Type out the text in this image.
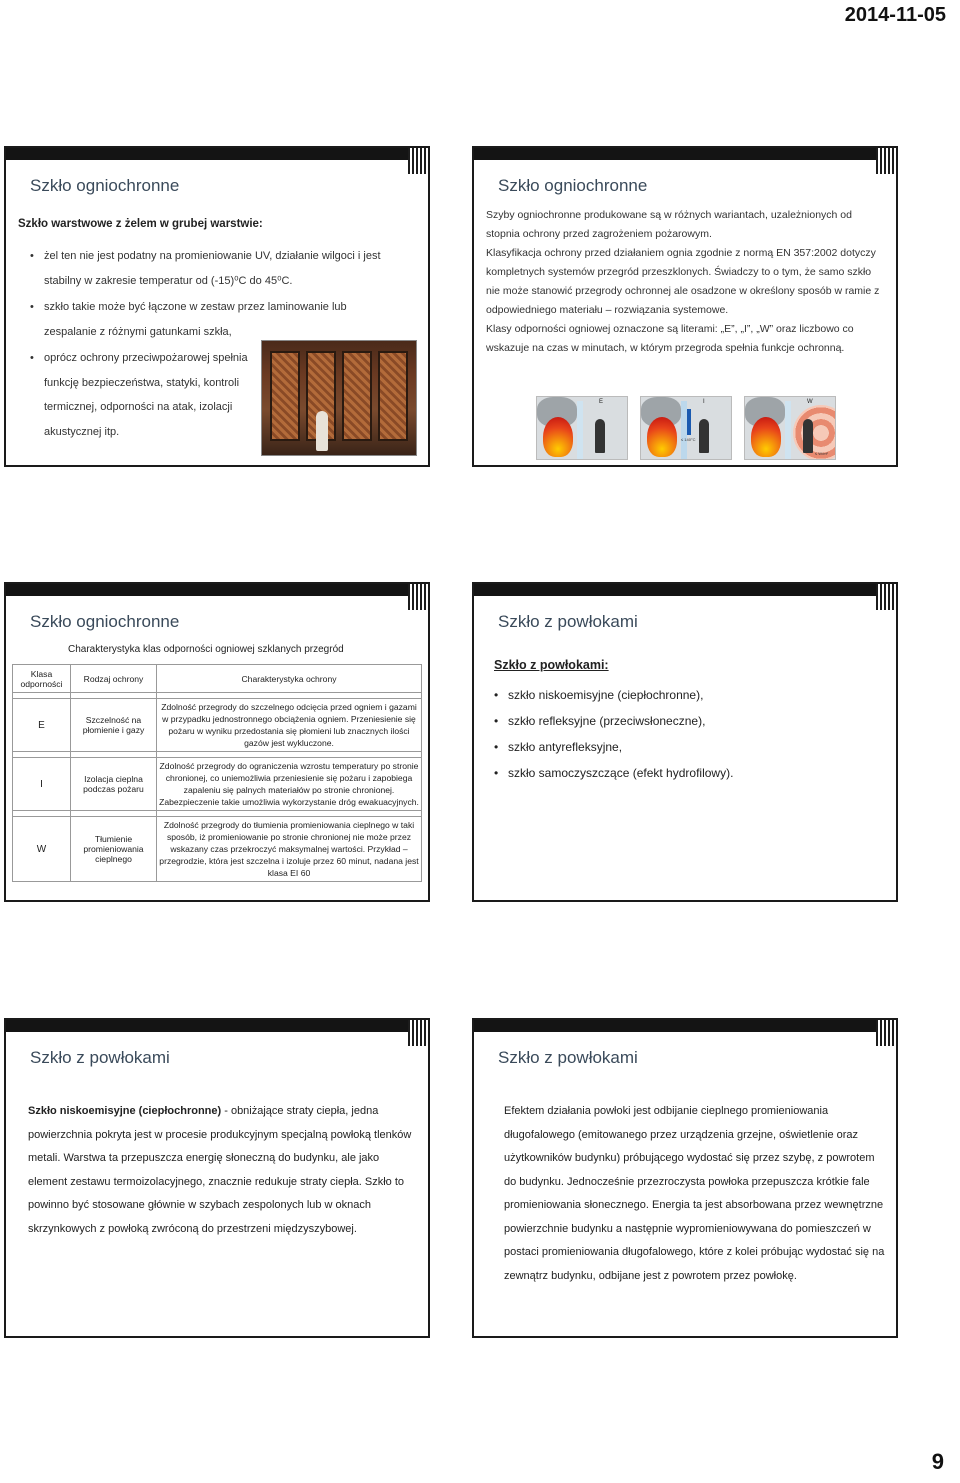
2014-11-05
Szkło ogniochronne
Szkło warstwowe z żelem w grubej warstwie:
• żel ten nie jest podatny na promieniowanie UV, działanie wilgoci i jest stabilny w zakresie temperatur od (-15)⁰C do 45⁰C.
• szkło takie może być łączone w zestaw przez laminowanie lub zespalanie z różnymi gatunkami szkła,
• oprócz ochrony przeciwpożarowej spełnia funkcję bezpieczeństwa, statyki, kontroli termicznej, odporności na atak, izolacji akustycznej itp.
Szkło ogniochronne

Szyby ogniochronne produkowane są w różnych wariantach, uzależnionych od stopnia ochrony przed zagrożeniem pożarowym.

Klasyfikacja ochrony przed działaniem ognia zgodnie z normą EN 357:2002 dotyczy kompletnych systemów przegród przeszklonych. Świadczy to o tym, że samo szkło nie może stanowić przegrody ochronnej ale osadzone w określony sposób w ramie z odpowiedniego materiału – rozwiązania systemowe.

Klasy odporności ogniowej oznaczone są literami: „E”, „I”, „W” oraz liczbowo co wskazuje na czas w minutach, w którym przegroda spełnia funkcje ochronną.

E
≤ 140°C
I
≤ W/m²
W
Szkło ogniochronne
Charakterystyka klas odporności ogniowej szklanych przegród
Klasa odporności	Rodzaj ochrony	Charakterystyka ochrony

E	Szczelność na płomienie i gazy	Zdolność przegrody do szczelnego odcięcia przed ogniem i gazami w przypadku jednostronnego obciążenia ogniem. Przeniesienie się pożaru w wyniku przedostania się płomieni lub znacznych ilości gazów jest wykluczone.

I	Izolacja cieplna podczas pożaru	Zdolność przegrody do ograniczenia wzrostu temperatury po stronie chronionej, co uniemożliwia przeniesienie się pożaru i zapobiega zapaleniu się palnych materiałów po stronie chronionej. Zabezpieczenie takie umożliwia wykorzystanie dróg ewakuacyjnych.

W	Tłumienie promieniowania cieplnego	Zdolność przegrody do tłumienia promieniowania cieplnego w taki sposób, iż promieniowanie po stronie chronionej nie może przez wskazany czas przekroczyć maksymalnej wartości. Przykład – przegrodzie, która jest szczelna i izoluje przez 60 minut, nadana jest klasa EI 60
Szkło z powłokami
Szkło z powłokami:
• szkło niskoemisyjne (ciepłochronne),
• szkło refleksyjne (przeciwsłoneczne),
• szkło antyrefleksyjne,
• szkło samoczyszczące (efekt hydrofilowy).
Szkło z powłokami

Szkło niskoemisyjne (ciepłochronne) - obniżające straty ciepła, jedna powierzchnia pokryta jest w procesie produkcyjnym specjalną powłoką tlenków metali. Warstwa ta przepuszcza energię słoneczną do budynku, ale jako element zestawu termoizolacyjnego, znacznie redukuje straty ciepła. Szkło to powinno być stosowane głównie w szybach zespolonych lub w oknach skrzynkowych z powłoką zwróconą do przestrzeni międzyszybowej.

Szkło z powłokami

Efektem działania powłoki jest odbijanie cieplnego promieniowania długofalowego (emitowanego przez urządzenia grzejne, oświetlenie oraz użytkowników budynku) próbującego wydostać się przez szybę, z powrotem do budynku. Jednocześnie przezroczysta powłoka przepuszcza krótkie fale promieniowania słonecznego. Energia ta jest absorbowana przez wewnętrzne powierzchnie budynku a następnie wypromieniowywana do pomieszczeń w postaci promieniowania długofalowego, które z kolei próbując wydostać się na zewnątrz budynku, odbijane jest z powrotem przez powłokę.

9
